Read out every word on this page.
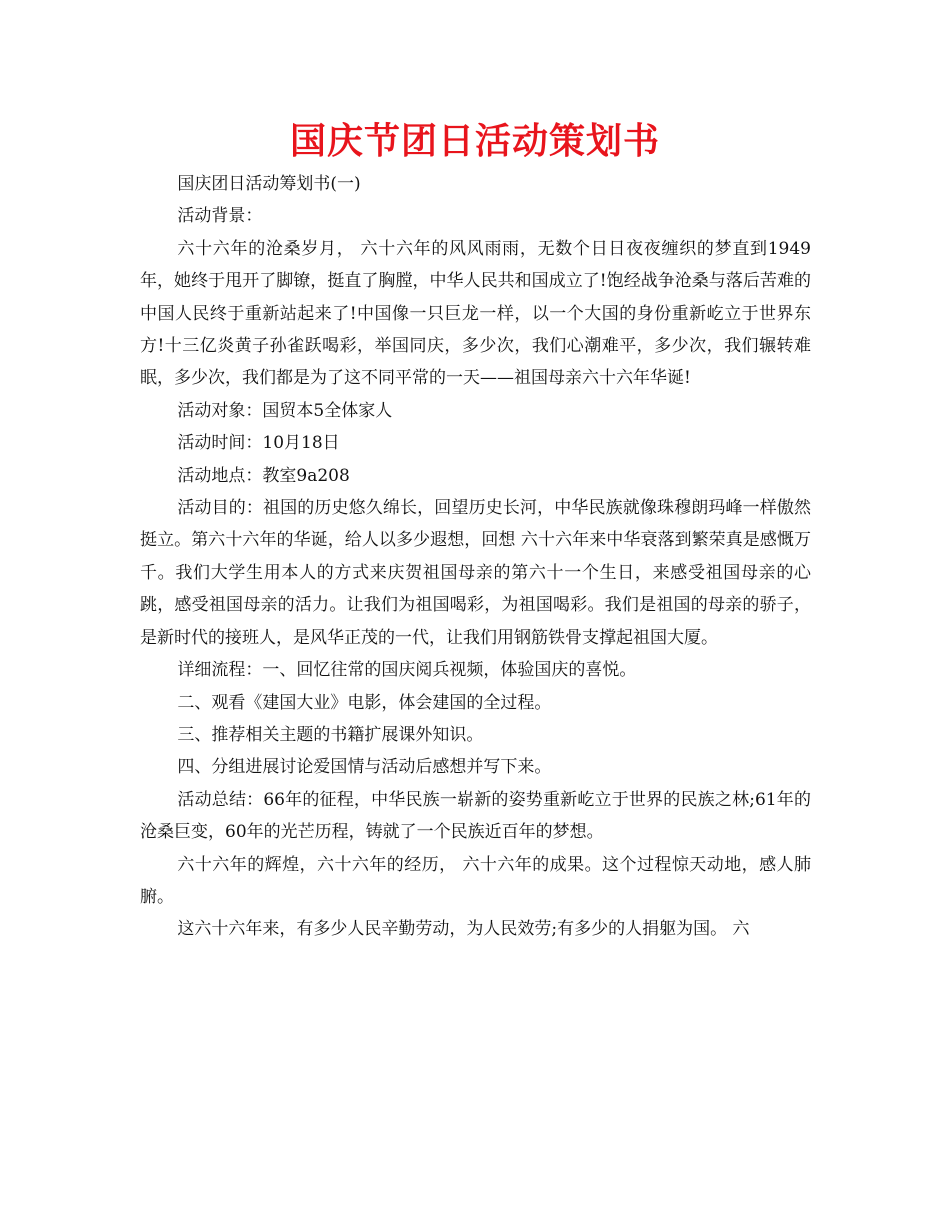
国庆节团日活动策划书

国庆团日活动筹划书(一)

活动背景：

六十六年的沧桑岁月， 六十六年的风风雨雨，无数个日日夜夜缠织的梦直到1949年，她终于甩开了脚镣，挺直了胸膛，中华人民共和国成立了!饱经战争沧桑与落后苦难的中国人民终于重新站起来了!中国像一只巨龙一样，以一个大国的身份重新屹立于世界东方!十三亿炎黄子孙雀跃喝彩，举国同庆，多少次，我们心潮难平，多少次，我们辗转难眠，多少次，我们都是为了这不同平常的一天——祖国母亲六十六年华诞!

活动对象：国贸本5全体家人

活动时间：10月18日

活动地点：教室9a208

活动目的：祖国的历史悠久绵长，回望历史长河，中华民族就像珠穆朗玛峰一样傲然挺立。第六十六年的华诞，给人以多少遐想，回想 六十六年来中华衰落到繁荣真是感慨万千。我们大学生用本人的方式来庆贺祖国母亲的第六十一个生日，来感受祖国母亲的心跳，感受祖国母亲的活力。让我们为祖国喝彩，为祖国喝彩。我们是祖国的母亲的骄子，是新时代的接班人，是风华正茂的一代，让我们用钢筋铁骨支撑起祖国大厦。

详细流程：一、回忆往常的国庆阅兵视频，体验国庆的喜悦。

二、观看《建国大业》电影，体会建国的全过程。

三、推荐相关主题的书籍扩展课外知识。

四、分组进展讨论爱国情与活动后感想并写下来。

活动总结：66年的征程，中华民族一崭新的姿势重新屹立于世界的民族之林;61年的沧桑巨变，60年的光芒历程，铸就了一个民族近百年的梦想。

六十六年的辉煌，六十六年的经历， 六十六年的成果。这个过程惊天动地，感人肺腑。

这六十六年来，有多少人民辛勤劳动，为人民效劳;有多少的人捐躯为国。 六
